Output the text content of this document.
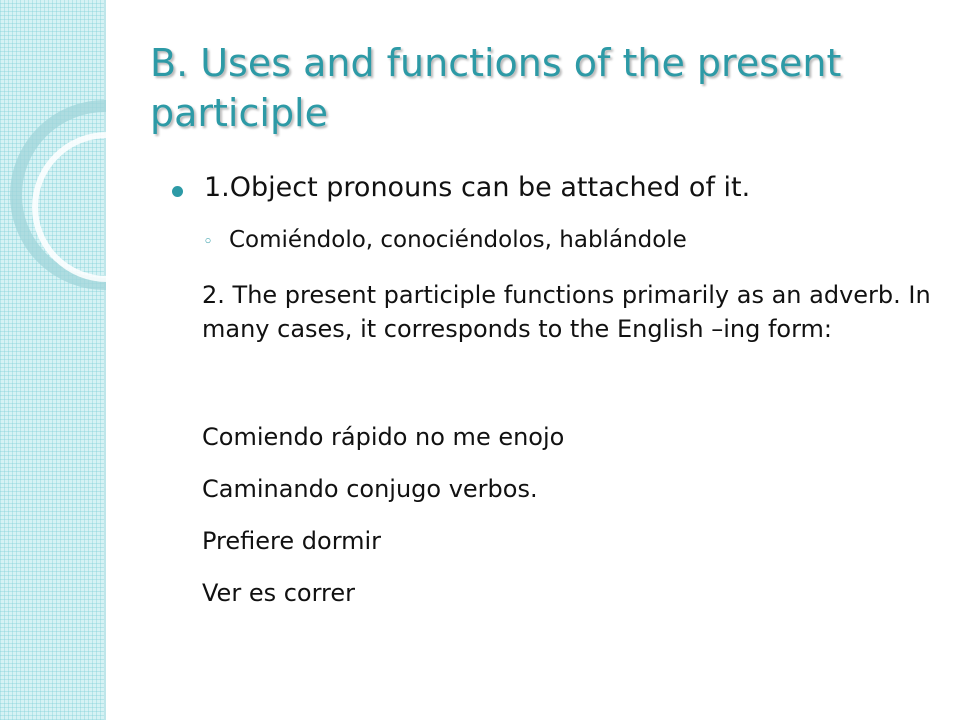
B. Uses and functions of the present participle

1.Object pronouns can be attached of it.

◦ Comiéndolo, conociéndolos, hablándole

2. The present participle functions primarily as an adverb. In many cases, it corresponds to the English –ing form:

Comiendo rápido no me enojo

Caminando conjugo verbos.

Prefiere dormir

Ver es correr
